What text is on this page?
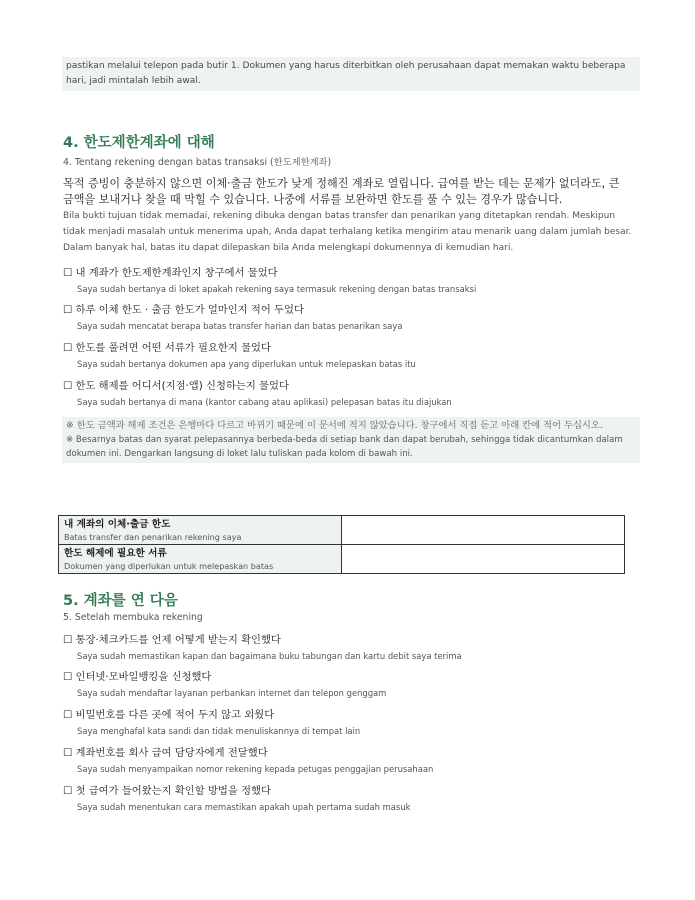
pastikan melalui telepon pada butir 1. Dokumen yang harus diterbitkan oleh perusahaan dapat memakan waktu beberapa hari, jadi mintalah lebih awal.
4. 한도제한계좌에 대해
4. Tentang rekening dengan batas transaksi (한도제한계좌)
목적 증빙이 충분하지 않으면 이체·출금 한도가 낮게 정해진 계좌로 열립니다. 급여를 받는 데는 문제가 없더라도, 큰 금액을 보내거나 찾을 때 막힐 수 있습니다. 나중에 서류를 보완하면 한도를 풀 수 있는 경우가 많습니다.
Bila bukti tujuan tidak memadai, rekening dibuka dengan batas transfer dan penarikan yang ditetapkan rendah. Meskipun tidak menjadi masalah untuk menerima upah, Anda dapat terhalang ketika mengirim atau menarik uang dalam jumlah besar. Dalam banyak hal, batas itu dapat dilepaskan bila Anda melengkapi dokumennya di kemudian hari.
☐ 내 계좌가 한도제한계좌인지 창구에서 물었다
Saya sudah bertanya di loket apakah rekening saya termasuk rekening dengan batas transaksi
☐ 하루 이체 한도 · 출금 한도가 얼마인지 적어 두었다
Saya sudah mencatat berapa batas transfer harian dan batas penarikan saya
☐ 한도를 풀려면 어떤 서류가 필요한지 물었다
Saya sudah bertanya dokumen apa yang diperlukan untuk melepaskan batas itu
☐ 한도 해제를 어디서(지점·앱) 신청하는지 물었다
Saya sudah bertanya di mana (kantor cabang atau aplikasi) pelepasan batas itu diajukan
※ 한도 금액과 해제 조건은 은행마다 다르고 바뀌기 때문에 이 문서에 적지 않았습니다. 창구에서 직접 듣고 아래 칸에 적어 두십시오.
※ Besarnya batas dan syarat pelepasannya berbeda-beda di setiap bank dan dapat berubah, sehingga tidak dicantumkan dalam dokumen ini. Dengarkan langsung di loket lalu tuliskan pada kolom di bawah ini.
내 계좌의 이체·출금 한도
Batas transfer dan penarikan rekening saya	

한도 해제에 필요한 서류
Dokumen yang diperlukan untuk melepaskan batas	

5. 계좌를 연 다음
5. Setelah membuka rekening
☐ 통장·체크카드를 언제 어떻게 받는지 확인했다
Saya sudah memastikan kapan dan bagaimana buku tabungan dan kartu debit saya terima
☐ 인터넷·모바일뱅킹을 신청했다
Saya sudah mendaftar layanan perbankan internet dan telepon genggam
☐ 비밀번호를 다른 곳에 적어 두지 않고 외웠다
Saya menghafal kata sandi dan tidak menuliskannya di tempat lain
☐ 계좌번호를 회사 급여 담당자에게 전달했다
Saya sudah menyampaikan nomor rekening kepada petugas penggajian perusahaan
☐ 첫 급여가 들어왔는지 확인할 방법을 정했다
Saya sudah menentukan cara memastikan apakah upah pertama sudah masuk
